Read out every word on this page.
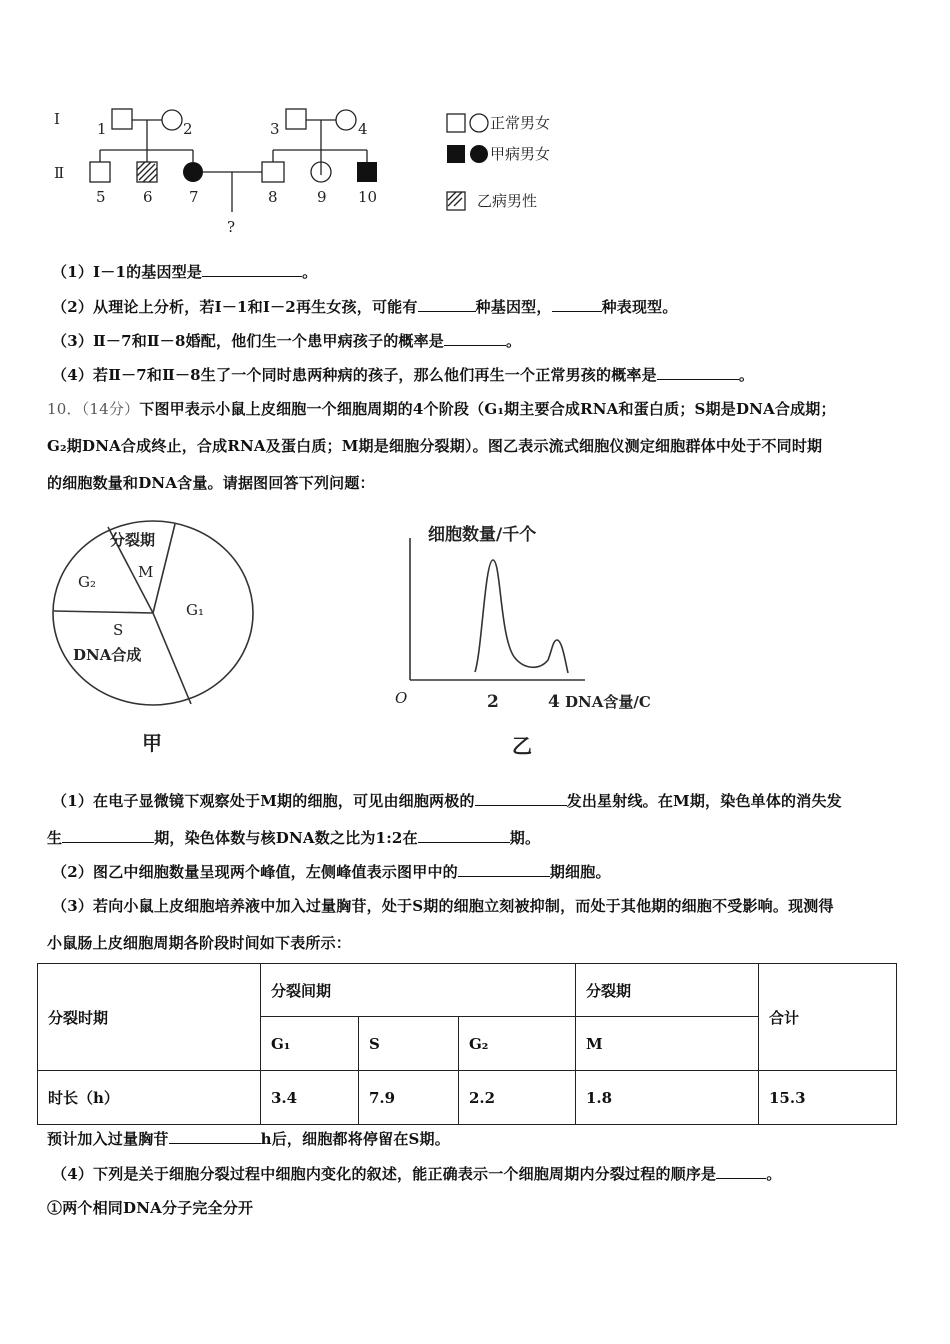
Ⅰ
Ⅱ
1	2	3	4
5 6 7	8	9 10
?
正常男女
甲病男女
乙病男性
（1）Ⅰ－1的基因型是	。
（2）从理论上分析，若Ⅰ－1和Ⅰ－2再生女孩，可能有	种基因型，	种表现型。
（3）Ⅱ－7和Ⅱ－8婚配，他们生一个患甲病孩子的概率是	。
（4）若Ⅱ－7和Ⅱ－8生了一个同时患两种病的孩子，那么他们再生一个正常男孩的概率是	。
10．（14分）下图甲表示小鼠上皮细胞一个细胞周期的4个阶段（G₁期主要合成RNA和蛋白质；S期是DNA合成期；
G₂期DNA合成终止，合成RNA及蛋白质；M期是细胞分裂期）。图乙表示流式细胞仪测定细胞群体中处于不同时期
的细胞数量和DNA含量。请据图回答下列问题：
分裂期
M
G₂
G₁
S
DNA合成
甲
细胞数量/千个
O	2	4 DNA含量/C
乙
（1）在电子显微镜下观察处于M期的细胞，可见由细胞两极的	发出星射线。在M期，染色单体的消失发
生	期，染色体数与核DNA数之比为1:2在	期。
（2）图乙中细胞数量呈现两个峰值，左侧峰值表示图甲中的	期细胞。
（3）若向小鼠上皮细胞培养液中加入过量胸苷，处于S期的细胞立刻被抑制，而处于其他期的细胞不受影响。现测得
小鼠肠上皮细胞周期各阶段时间如下表所示：
分裂时期	分裂间期			分裂期	合计
	G₁	S	G₂	M	
时长（h）	3.4	7.9	2.2	1.8	15.3
预计加入过量胸苷	h后，细胞都将停留在S期。
（4）下列是关于细胞分裂过程中细胞内变化的叙述，能正确表示一个细胞周期内分裂过程的顺序是	。
①两个相同DNA分子完全分开
